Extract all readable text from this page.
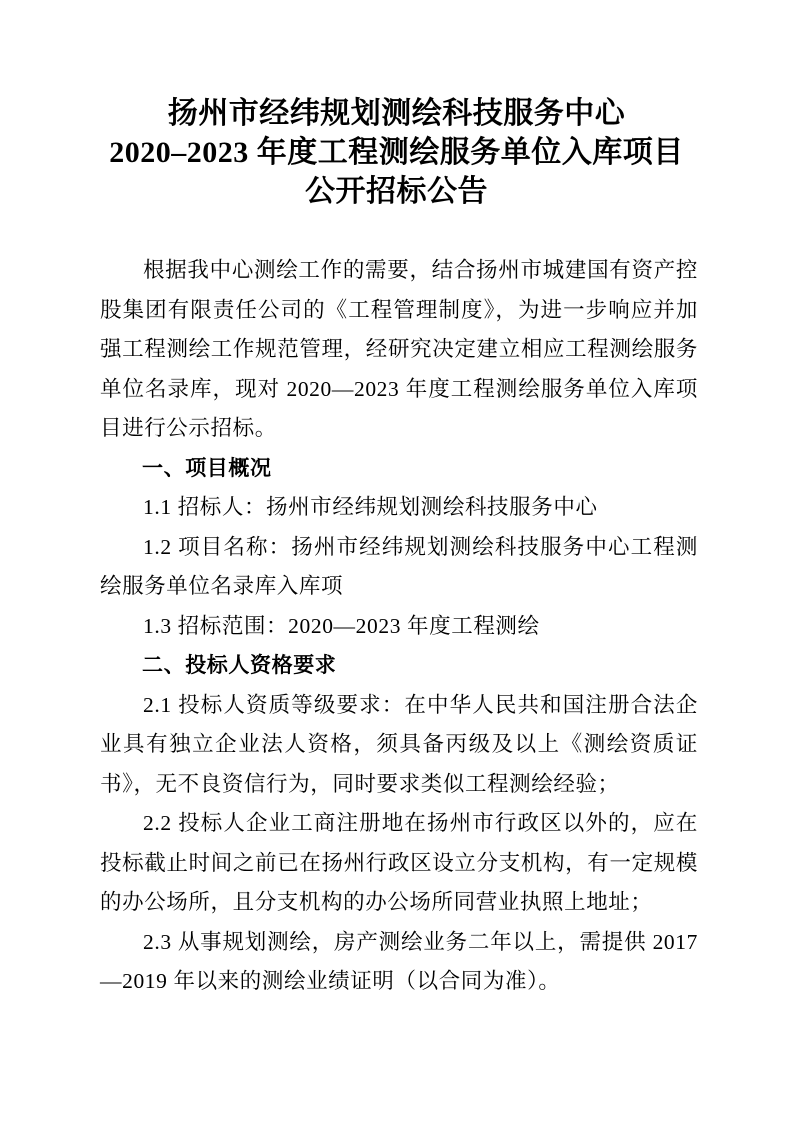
扬州市经纬规划测绘科技服务中心
2020–2023 年度工程测绘服务单位入库项目
公开招标公告

根据我中心测绘工作的需要，结合扬州市城建国有资产控股集团有限责任公司的《工程管理制度》，为进一步响应并加强工程测绘工作规范管理，经研究决定建立相应工程测绘服务单位名录库，现对 2020—2023 年度工程测绘服务单位入库项目进行公示招标。

一、项目概况

1.1 招标人：扬州市经纬规划测绘科技服务中心

1.2 项目名称：扬州市经纬规划测绘科技服务中心工程测绘服务单位名录库入库项

1.3 招标范围：2020—2023 年度工程测绘

二、投标人资格要求

2.1 投标人资质等级要求：在中华人民共和国注册合法企业具有独立企业法人资格，须具备丙级及以上《测绘资质证书》，无不良资信行为，同时要求类似工程测绘经验；

2.2 投标人企业工商注册地在扬州市行政区以外的，应在投标截止时间之前已在扬州行政区设立分支机构，有一定规模的办公场所，且分支机构的办公场所同营业执照上地址；

2.3 从事规划测绘，房产测绘业务二年以上，需提供 2017—2019 年以来的测绘业绩证明（以合同为准）。
